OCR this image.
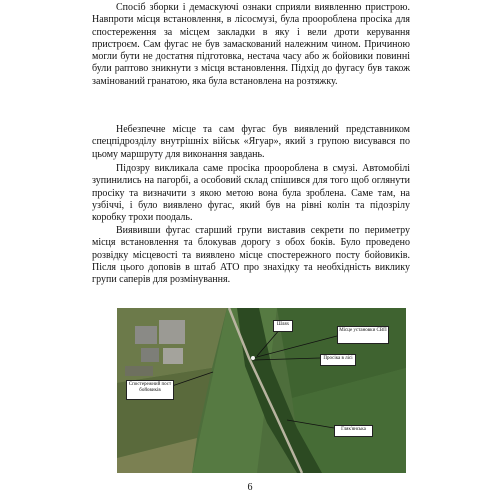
Спосіб зборки і демаскуючі ознаки сприяли виявленню пристрою. Навпроти місця встановлення, в лісосмузі, була проороблена просіка для спостереження за місцем закладки в яку і вели дроти керування пристроєм. Сам фугас не був замаскований належним чином. Причиною могли бути не достатня підготовка, нестача часу або ж бойовики повинні були раптово зникнути з місця встановлення. Підхід до фугасу був також замінований гранатою, яка була встановлена на розтяжку.

Небезпечне місце та сам фугас був виявлений представником спецпідрозділу внутрішніх військ «Ягуар», який з групою висувався по цьому маршруту для виконання завдань.

Підозру викликала саме просіка проороблена в смузі. Автомобілі зупинились на пагорбі, а особовий склад спішився для того щоб оглянути просіку та визначити з якою метою вона була зроблена. Саме там, на узбіччі, і було виявлено фугас, який був на рівні колін та підозрілу коробку трохи поодаль.

Виявивши фугас старший групи виставив секрети по периметру місця встановлення та блокував дорогу з обох боків. Було проведено розвідку місцевості та виявлено місце спостережного посту бойовиків. Після цього доповів в штаб АТО про знахідку та необхідність виклику групи саперів для розмінування.

Шлях
Місце установки СВП
Просіка в лісі
Спостережний пост бойовиків
Гляк'янська
6
